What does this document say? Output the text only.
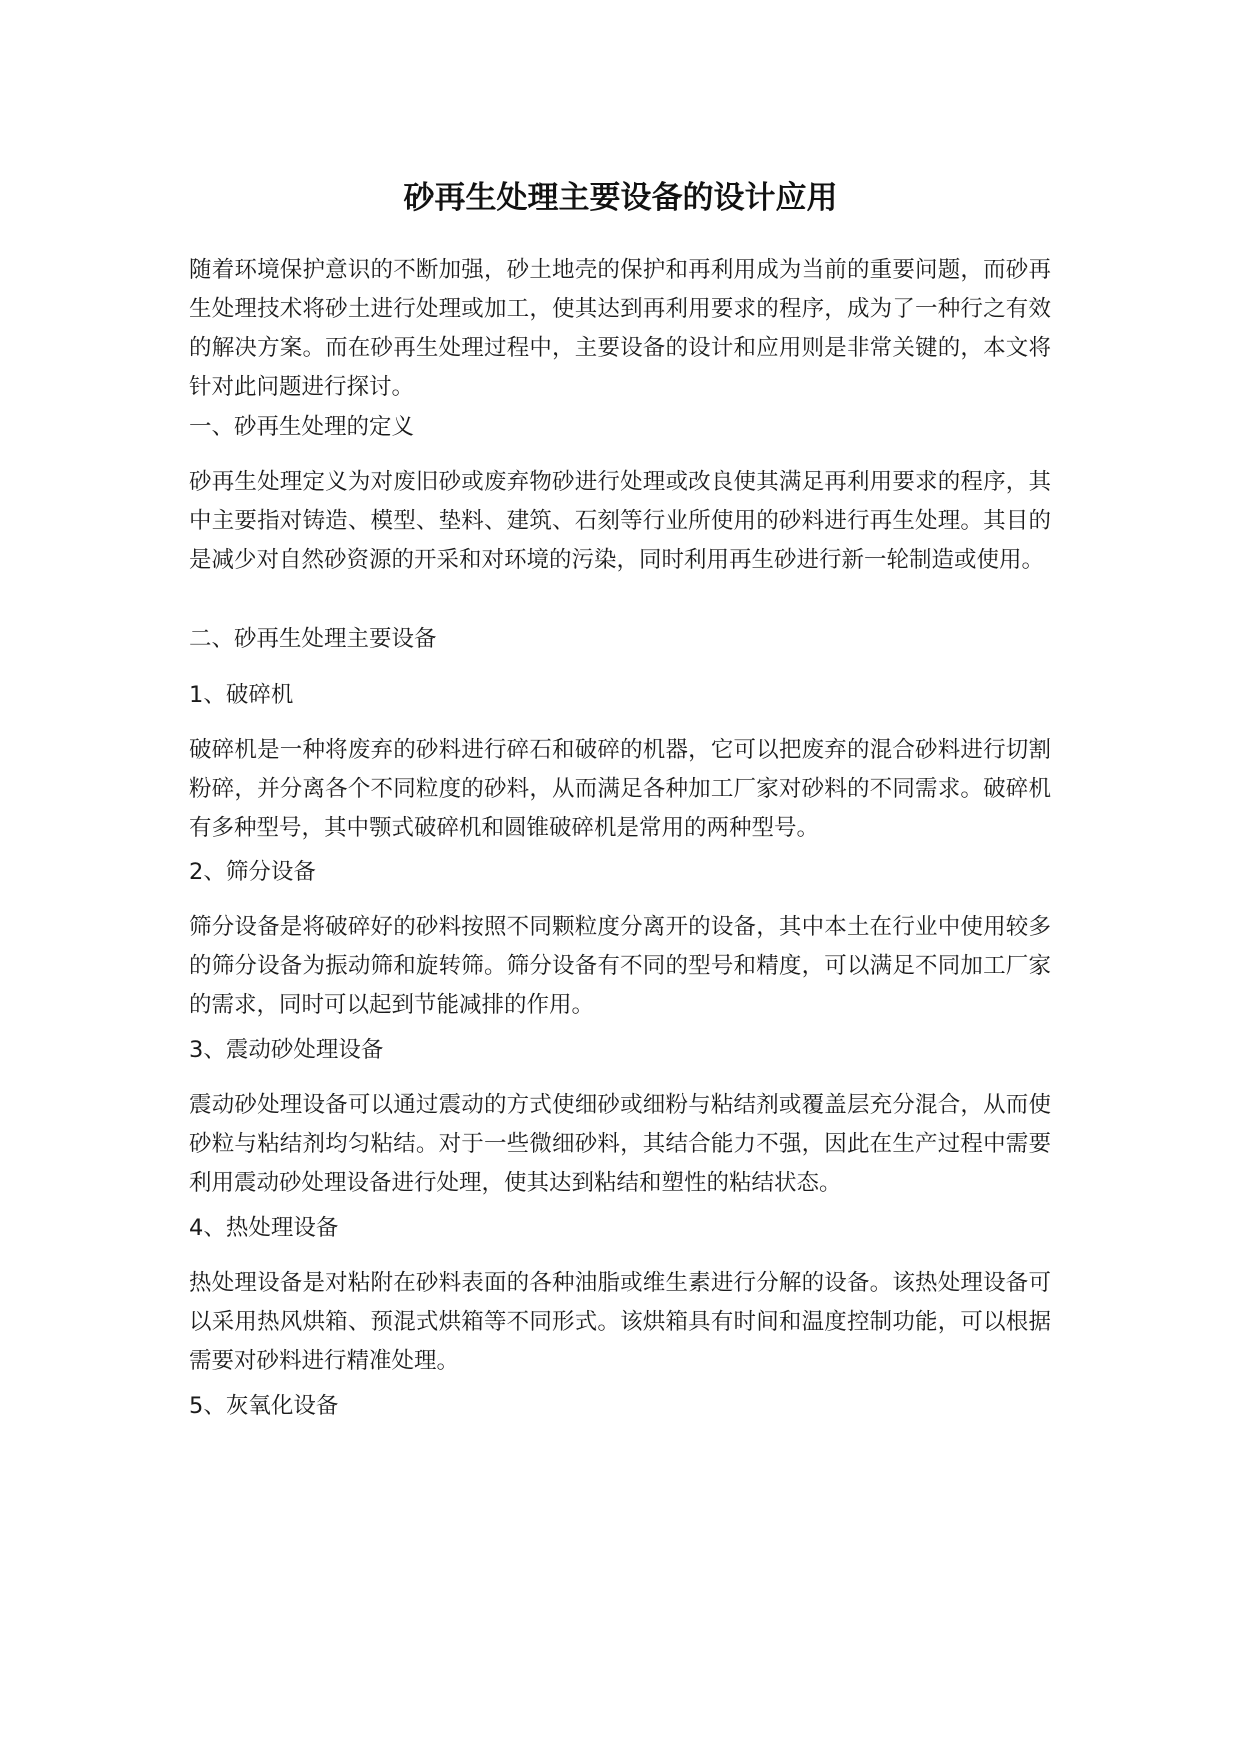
砂再生处理主要设备的设计应用

随着环境保护意识的不断加强，砂土地壳的保护和再利用成为当前的重要问题，而砂再生处理技术将砂土进行处理或加工，使其达到再利用要求的程序，成为了一种行之有效的解决方案。而在砂再生处理过程中，主要设备的设计和应用则是非常关键的，本文将针对此问题进行探讨。

一、砂再生处理的定义

砂再生处理定义为对废旧砂或废弃物砂进行处理或改良使其满足再利用要求的程序，其中主要指对铸造、模型、垫料、建筑、石刻等行业所使用的砂料进行再生处理。其目的是减少对自然砂资源的开采和对环境的污染，同时利用再生砂进行新一轮制造或使用。

二、砂再生处理主要设备

1、破碎机

破碎机是一种将废弃的砂料进行碎石和破碎的机器，它可以把废弃的混合砂料进行切割粉碎，并分离各个不同粒度的砂料，从而满足各种加工厂家对砂料的不同需求。破碎机有多种型号，其中颚式破碎机和圆锥破碎机是常用的两种型号。

2、筛分设备

筛分设备是将破碎好的砂料按照不同颗粒度分离开的设备，其中本土在行业中使用较多的筛分设备为振动筛和旋转筛。筛分设备有不同的型号和精度，可以满足不同加工厂家的需求，同时可以起到节能减排的作用。

3、震动砂处理设备

震动砂处理设备可以通过震动的方式使细砂或细粉与粘结剂或覆盖层充分混合，从而使砂粒与粘结剂均匀粘结。对于一些微细砂料，其结合能力不强，因此在生产过程中需要利用震动砂处理设备进行处理，使其达到粘结和塑性的粘结状态。

4、热处理设备

热处理设备是对粘附在砂料表面的各种油脂或维生素进行分解的设备。该热处理设备可以采用热风烘箱、预混式烘箱等不同形式。该烘箱具有时间和温度控制功能，可以根据需要对砂料进行精准处理。

5、灰氧化设备
